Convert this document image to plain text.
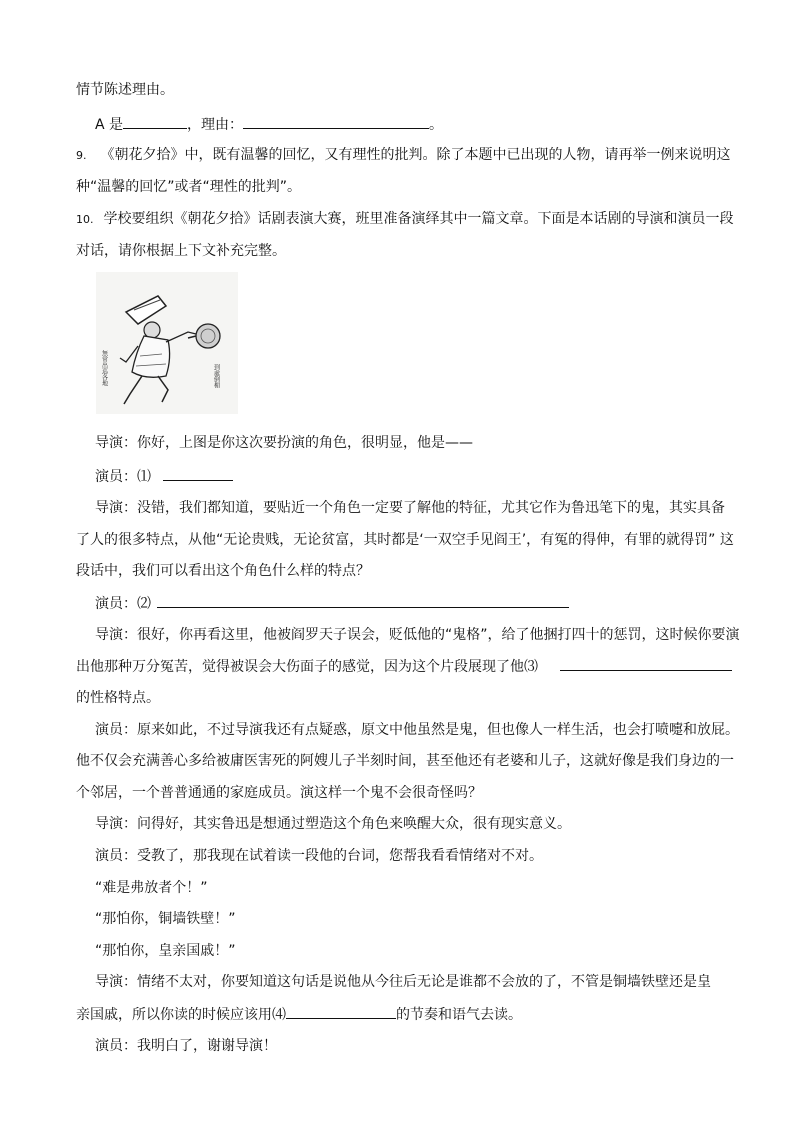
情节陈述理由。
A 是	，理由：	。
9. 《朝花夕拾》中，既有温馨的回忆，又有理性的批判。除了本题中已出现的人物，请再举一例来说明这
种“温馨的回忆”或者“理性的批判”。
10. 学校要组织《朝花夕拾》话剧表演大赛，班里准备演绎其中一篇文章。下面是本话剧的导演和演员一段
对话，请你根据上下文补充完整。
無常出巡各地	到處倒楣
导演：你好，上图是你这次要扮演的角色，很明显，他是——
演员：⑴
导演：没错，我们都知道，要贴近一个角色一定要了解他的特征，尤其它作为鲁迅笔下的鬼，其实具备
了人的很多特点，从他“无论贵贱，无论贫富，其时都是‘一双空手见阎王’，有冤的得伸，有罪的就得罚” 这
段话中，我们可以看出这个角色什么样的特点？
演员：⑵
导演：很好，你再看这里，他被阎罗天子误会，贬低他的“鬼格”，给了他捆打四十的惩罚，这时候你要演
出他那种万分冤苦，觉得被误会大伤面子的感觉，因为这个片段展现了他⑶
的性格特点。
演员：原来如此，不过导演我还有点疑惑，原文中他虽然是鬼，但也像人一样生活，也会打喷嚏和放屁。
他不仅会充满善心多给被庸医害死的阿嫂儿子半刻时间，甚至他还有老婆和儿子，这就好像是我们身边的一
个邻居，一个普普通通的家庭成员。演这样一个鬼不会很奇怪吗？
导演：问得好，其实鲁迅是想通过塑造这个角色来唤醒大众，很有现实意义。
演员：受教了，那我现在试着读一段他的台词，您帮我看看情绪对不对。
“难是弗放者个！”
“那怕你，铜墙铁壁！”
“那怕你，皇亲国戚！”
导演：情绪不太对，你要知道这句话是说他从今往后无论是谁都不会放的了，不管是铜墙铁壁还是皇
亲国戚，所以你读的时候应该用⑷	的节奏和语气去读。
演员：我明白了，谢谢导演！
